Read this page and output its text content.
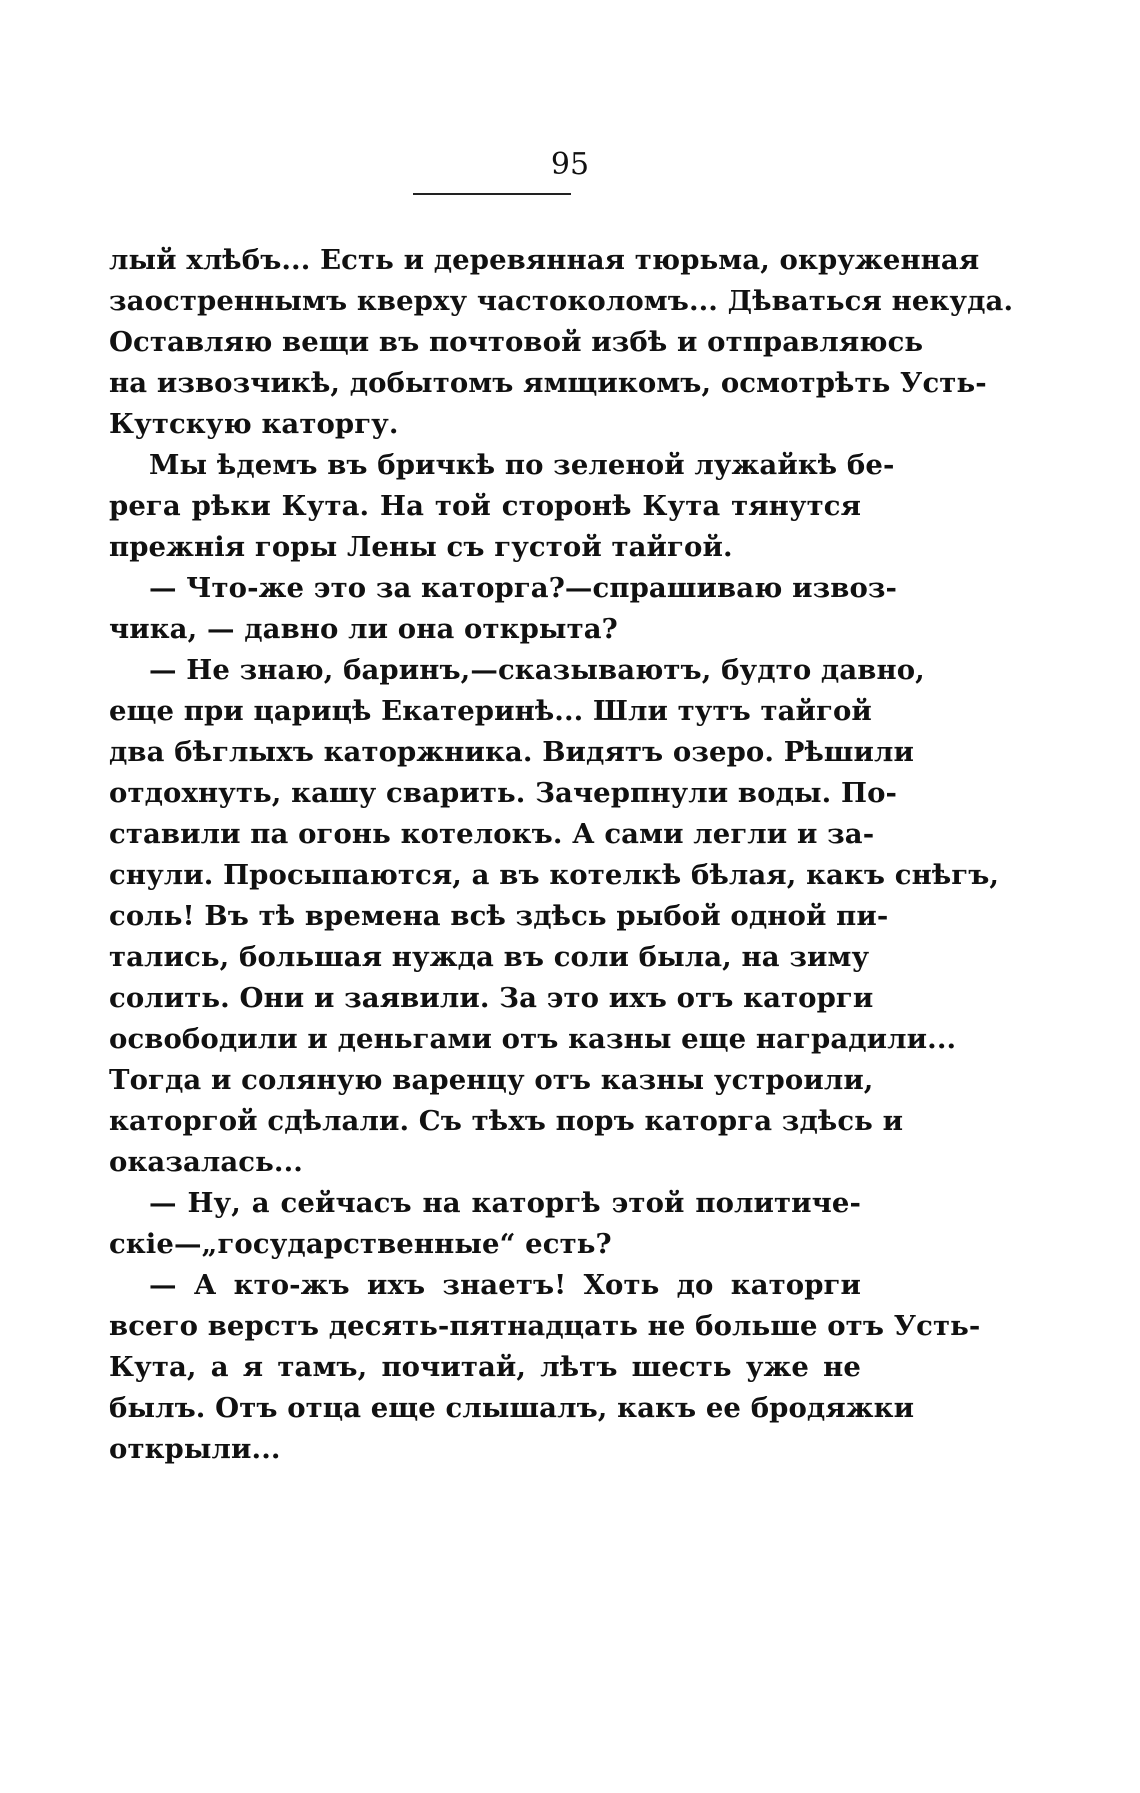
95
лый хлѣбъ... Есть и деревянная тюрьма, окруженная
заостреннымъ кверху частоколомъ... Дѣваться некуда.
Оставляю вещи въ почтовой избѣ и отправляюсь
на извозчикѣ, добытомъ ямщикомъ, осмотрѣть Усть-
Кутскую каторгу.
Мы ѣдемъ въ бричкѣ по зеленой лужайкѣ бе-
рега рѣки Кута. На той сторонѣ Кута тянутся
прежнія горы Лены съ густой тайгой.
— Что-же это за каторга?—спрашиваю извоз-
чика, — давно ли она открыта?
— Не знаю, баринъ,—сказываютъ, будто давно,
еще при царицѣ Екатеринѣ... Шли тутъ тайгой
два бѣглыхъ каторжника. Видятъ озеро. Рѣшили
отдохнуть, кашу сварить. Зачерпнули воды. По-
ставили па огонь котелокъ. А сами легли и за-
снули. Просыпаются, а въ котелкѣ бѣлая, какъ снѣгъ,
соль! Въ тѣ времена всѣ здѣсь рыбой одной пи-
тались, большая нужда въ соли была, на зиму
солить. Они и заявили. За это ихъ отъ каторги
освободили и деньгами отъ казны еще наградили...
Тогда и соляную варенцу отъ казны устроили,
каторгой сдѣлали. Съ тѣхъ поръ каторга здѣсь и
оказалась...
— Ну, а сейчасъ на каторгѣ этой политиче-
скіе—„государственные“ есть?
— А кто-жъ ихъ знаетъ! Хоть до каторги
всего верстъ десять-пятнадцать не больше отъ Усть-
Кута, а я тамъ, почитай, лѣтъ шесть уже не
былъ. Отъ отца еще слышалъ, какъ ее бродяжки
открыли...
